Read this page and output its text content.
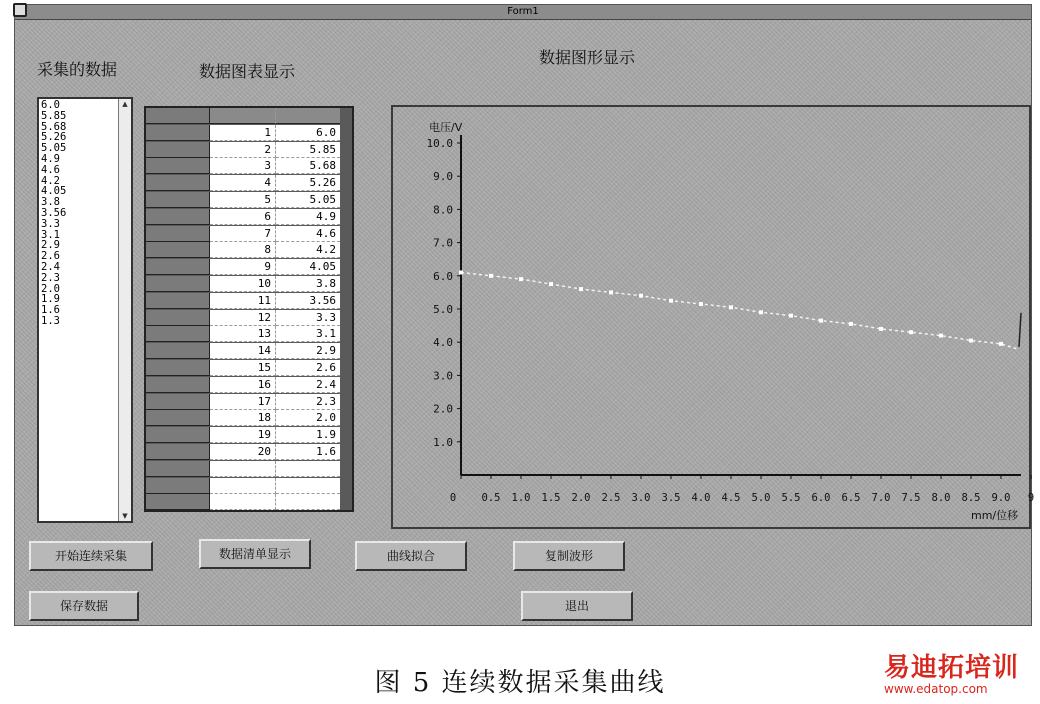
Form1
采集的数据	数据图表显示
数据图形显示
6.0
5.85
5.68
5.26
5.05
4.9
4.6
4.2
4.05
3.8
3.56
3.3
3.1
2.9
2.6
2.4
2.3
2.0
1.9
1.6
1.3
▲
▼
1	6.0
2	5.85
3	5.68
4	5.26
5	5.05
6	4.9
7	4.6
8	4.2
9	4.05
10	3.8
11	3.56
12	3.3
13	3.1
14	2.9
15	2.6
16	2.4
17	2.3
18	2.0
19	1.9
20	1.6
1.0
2.0
3.0
4.0
5.0
6.0
7.0
8.0
9.0
10.0
0 0.5 1.0 1.5 2.0 2.5 3.0 3.5 4.0 4.5 5.0 5.5 6.0 6.5 7.0 7.5 8.0 8.5 9.0 9
电压/V
mm/位移
开始连续采集	数据清单显示	曲线拟合	复制波形
保存数据	退出
图 5 连续数据采集曲线	易迪拓培训
www.edatop.com
